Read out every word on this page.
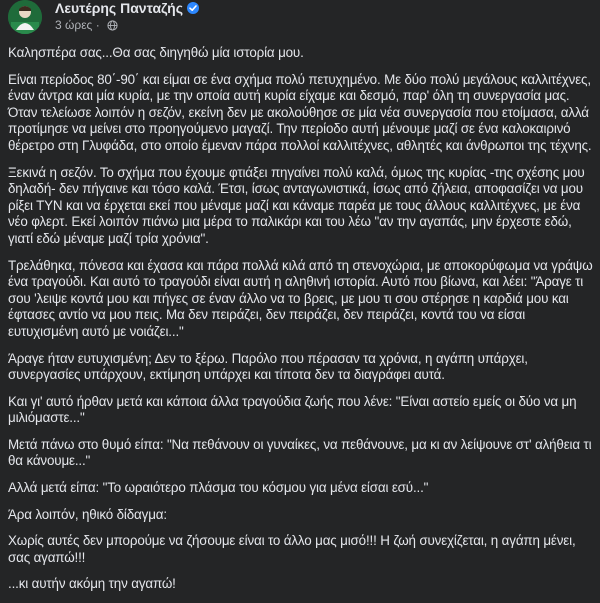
Λευτέρης Πανταζής
3 ώρες ·

Καλησπέρα σας...Θα σας διηγηθώ μία ιστορία μου.

Είναι περίοδος 80΄-90΄ και είμαι σε ένα σχήμα πολύ πετυχημένο. Με δύο πολύ μεγάλους καλλιτέχνες, έναν άντρα και μία κυρία, με την οποία αυτή κυρία είχαμε και δεσμό, παρ' όλη τη συνεργασία μας. Όταν τελείωσε λοιπόν η σεζόν, εκείνη δεν με ακολούθησε σε μία νέα συνεργασία που ετοίμασα, αλλά προτίμησε να μείνει στο προηγούμενο μαγαζί. Την περίοδο αυτή μένουμε μαζί σε ένα καλοκαιρινό θέρετρο στη Γλυφάδα, στο οποίο έμεναν πάρα πολλοί καλλιτέχνες, αθλητές και άνθρωποι της τέχνης.

Ξεκινά η σεζόν. Το σχήμα που έχουμε φτιάξει πηγαίνει πολύ καλά, όμως της κυρίας -της σχέσης μου δηλαδή- δεν πήγαινε και τόσο καλά. Έτσι, ίσως ανταγωνιστικά, ίσως από ζήλεια, αποφασίζει να μου ρίξει ΤΥΝ και να έρχεται εκεί που μέναμε μαζί και κάναμε παρέα με τους άλλους καλλιτέχνες, με ένα νέο φλερτ. Εκεί λοιπόν πιάνω μια μέρα το παλικάρι και του λέω "αν την αγαπάς, μην έρχεστε εδώ, γιατί εδώ μέναμε μαζί τρία χρόνια".

Τρελάθηκα, πόνεσα και έχασα και πάρα πολλά κιλά από τη στενοχώρια, με αποκορύφωμα να γράψω ένα τραγούδι. Και αυτό το τραγούδι είναι αυτή η αληθινή ιστορία. Αυτό που βίωνα, και λέει: "Άραγε τι σου 'λειψε κοντά μου και πήγες σε έναν άλλο να το βρεις, με μου τι σου στέρησε η καρδιά μου και έφτασες αντίο να μου πεις. Μα δεν πειράζει, δεν πειράζει, δεν πειράζει, κοντά του να είσαι ευτυχισμένη αυτό με νοιάζει..."

Άραγε ήταν ευτυχισμένη; Δεν το ξέρω. Παρόλο που πέρασαν τα χρόνια, η αγάπη υπάρχει, συνεργασίες υπάρχουν, εκτίμηση υπάρχει και τίποτα δεν τα διαγράφει αυτά.

Και γι' αυτό ήρθαν μετά και κάποια άλλα τραγούδια ζωής που λένε: "Είναι αστείο εμείς οι δύο να μη μιλιόμαστε..."

Μετά πάνω στο θυμό είπα: "Να πεθάνουν οι γυναίκες, να πεθάνουνε, μα κι αν λείψουνε στ' αλήθεια τι θα κάνουμε..."

Αλλά μετά είπα: "Το ωραιότερο πλάσμα του κόσμου για μένα είσαι εσύ..."

Άρα λοιπόν, ηθικό δίδαγμα:

Χωρίς αυτές δεν μπορούμε να ζήσουμε είναι το άλλο μας μισό!!! Η ζωή συνεχίζεται, η αγάπη μένει, σας αγαπώ!!!

...κι αυτήν ακόμη την αγαπώ!
